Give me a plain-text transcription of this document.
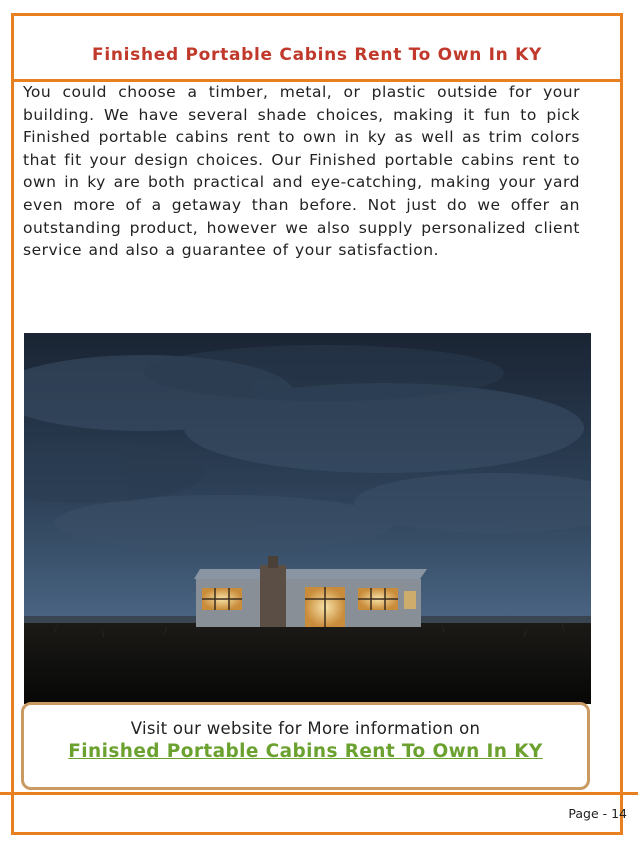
Finished Portable Cabins Rent To Own In KY

You could choose a timber, metal, or plastic outside for your building. We have several shade choices, making it fun to pick Finished portable cabins rent to own in ky as well as trim colors that fit your design choices. Our Finished portable cabins rent to own in ky are both practical and eye-catching, making your yard even more of a getaway than before. Not just do we offer an outstanding product, however we also supply personalized client service and also a guarantee of your satisfaction.

Visit our website for More information on

Finished Portable Cabins Rent To Own In KY
Page - 14
